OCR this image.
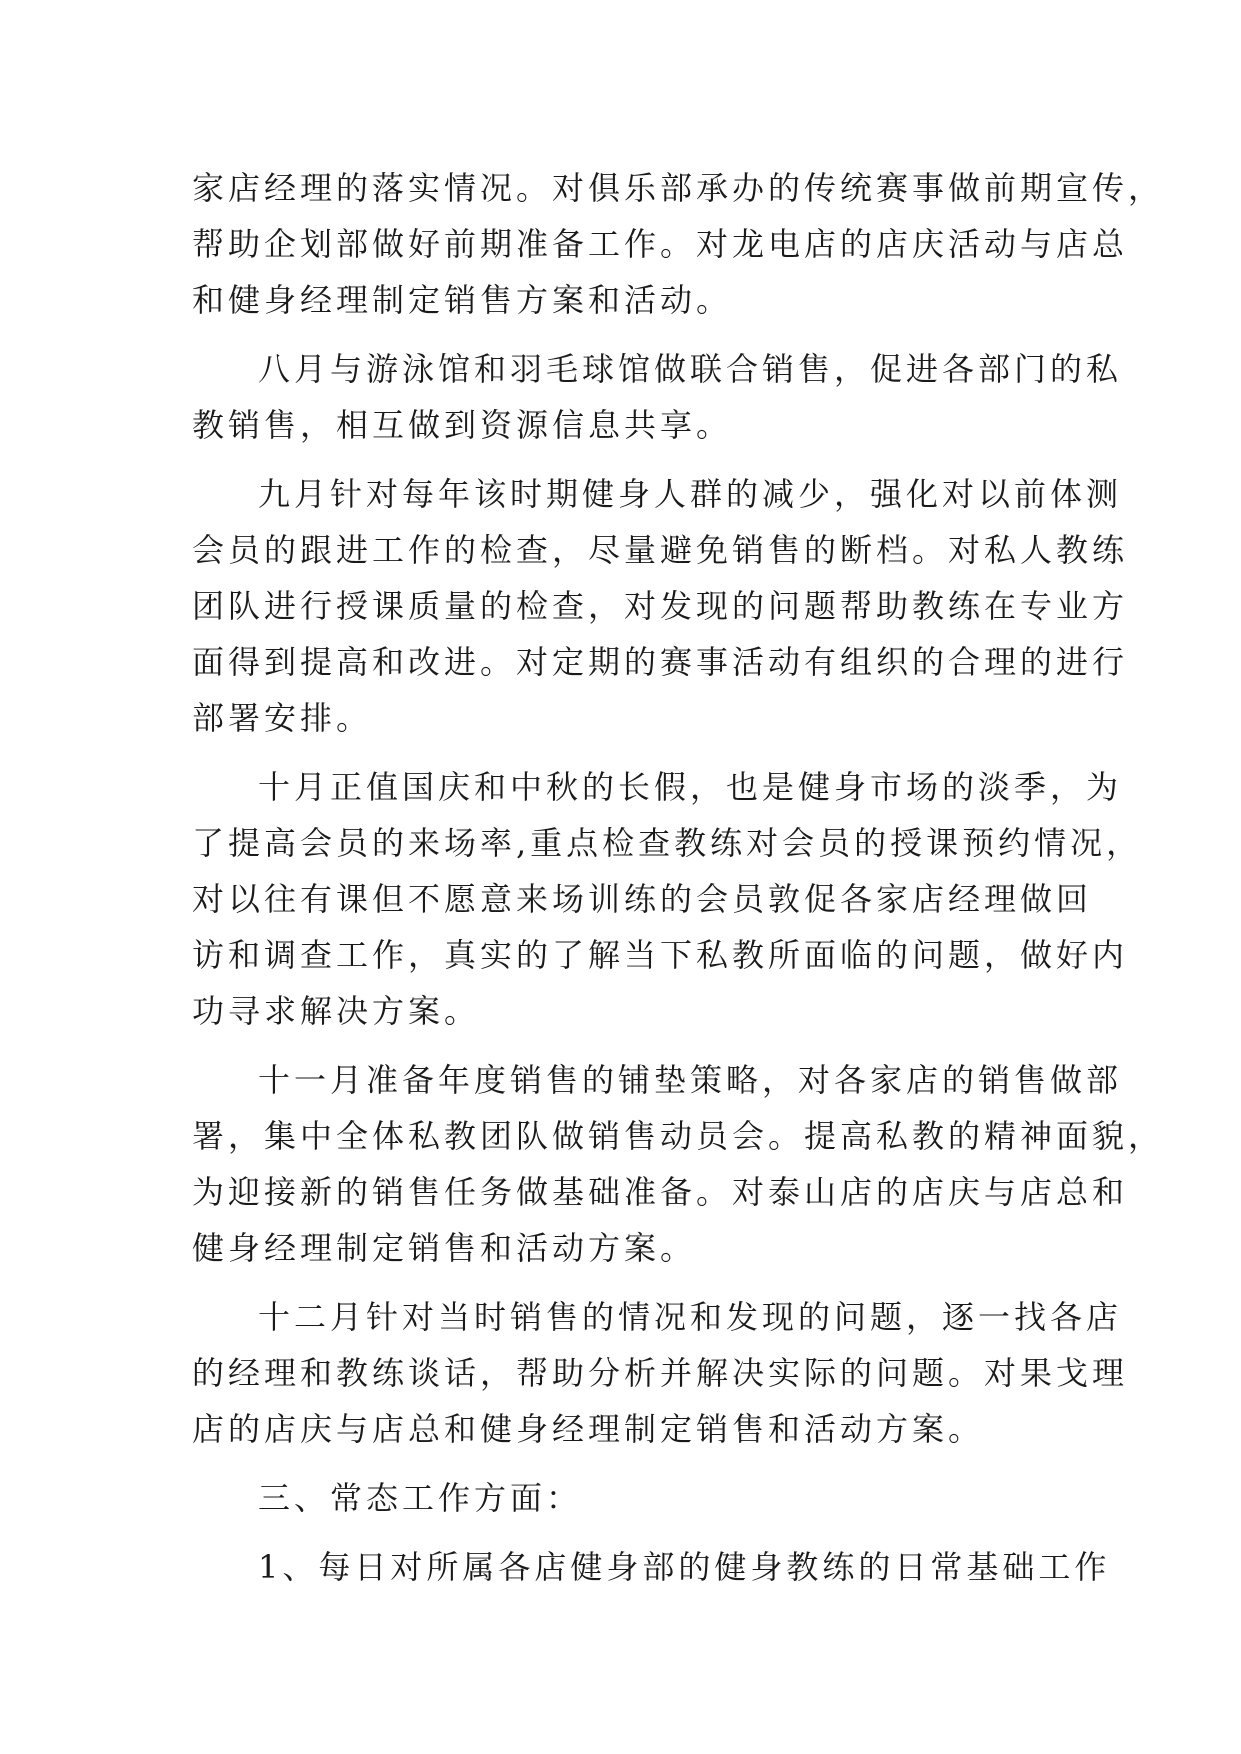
家店经理的落实情况。对俱乐部承办的传统赛事做前期宣传，
帮助企划部做好前期准备工作。对龙电店的店庆活动与店总
和健身经理制定销售方案和活动。
八月与游泳馆和羽毛球馆做联合销售，促进各部门的私
教销售，相互做到资源信息共享。
九月针对每年该时期健身人群的减少，强化对以前体测
会员的跟进工作的检查，尽量避免销售的断档。对私人教练
团队进行授课质量的检查，对发现的问题帮助教练在专业方
面得到提高和改进。对定期的赛事活动有组织的合理的进行
部署安排。
十月正值国庆和中秋的长假，也是健身市场的淡季，为
了提高会员的来场率,重点检查教练对会员的授课预约情况，
对以往有课但不愿意来场训练的会员敦促各家店经理做回
访和调查工作，真实的了解当下私教所面临的问题，做好内
功寻求解决方案。
十一月准备年度销售的铺垫策略，对各家店的销售做部
署，集中全体私教团队做销售动员会。提高私教的精神面貌，
为迎接新的销售任务做基础准备。对泰山店的店庆与店总和
健身经理制定销售和活动方案。
十二月针对当时销售的情况和发现的问题，逐一找各店
的经理和教练谈话，帮助分析并解决实际的问题。对果戈理
店的店庆与店总和健身经理制定销售和活动方案。
三、常态工作方面：
1、每日对所属各店健身部的健身教练的日常基础工作
